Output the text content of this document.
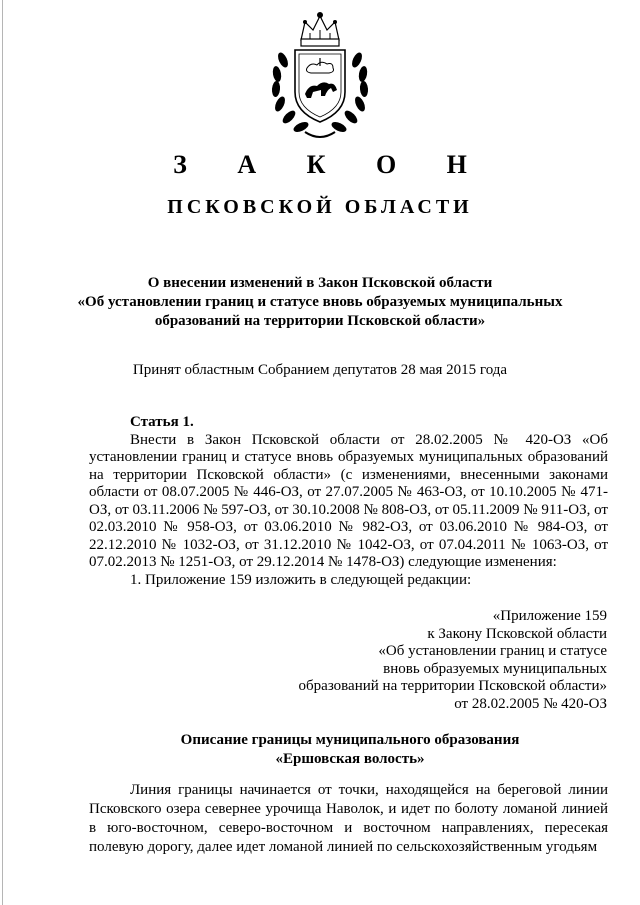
З А К О Н
ПСКОВСКОЙ ОБЛАСТИ
О внесении изменений в Закон Псковской области
«Об установлении границ и статусе вновь образуемых муниципальных образований на территории Псковской области»
Принят областным Собранием депутатов 28 мая 2015 года
Статья 1.

Внести в Закон Псковской области от 28.02.2005 № 420-ОЗ «Об установлении границ и статусе вновь образуемых муниципальных образований на территории Псковской области» (с изменениями, внесенными законами области от 08.07.2005 № 446-ОЗ, от 27.07.2005 № 463-ОЗ, от 10.10.2005 № 471-ОЗ, от 03.11.2006 № 597-ОЗ, от 30.10.2008 № 808-ОЗ, от 05.11.2009 № 911-ОЗ, от 02.03.2010 № 958-ОЗ, от 03.06.2010 № 982-ОЗ, от 03.06.2010 № 984-ОЗ, от 22.12.2010 № 1032-ОЗ, от 31.12.2010 № 1042-ОЗ, от 07.04.2011 № 1063-ОЗ, от 07.02.2013 № 1251-ОЗ, от 29.12.2014 № 1478-ОЗ) следующие изменения:

1. Приложение 159 изложить в следующей редакции:

«Приложение 159
к Закону Псковской области
«Об установлении границ и статусе
вновь образуемых муниципальных
образований на территории Псковской области»
от 28.02.2005 № 420-ОЗ
Описание границы муниципального образования
«Ершовская волость»
Линия границы начинается от точки, находящейся на береговой линии Псковского озера севернее урочища Наволок, и идет по болоту ломаной линией в юго-восточном, северо-восточном и восточном направлениях, пересекая полевую дорогу, далее идет ломаной линией по сельскохозяйственным угодьям
